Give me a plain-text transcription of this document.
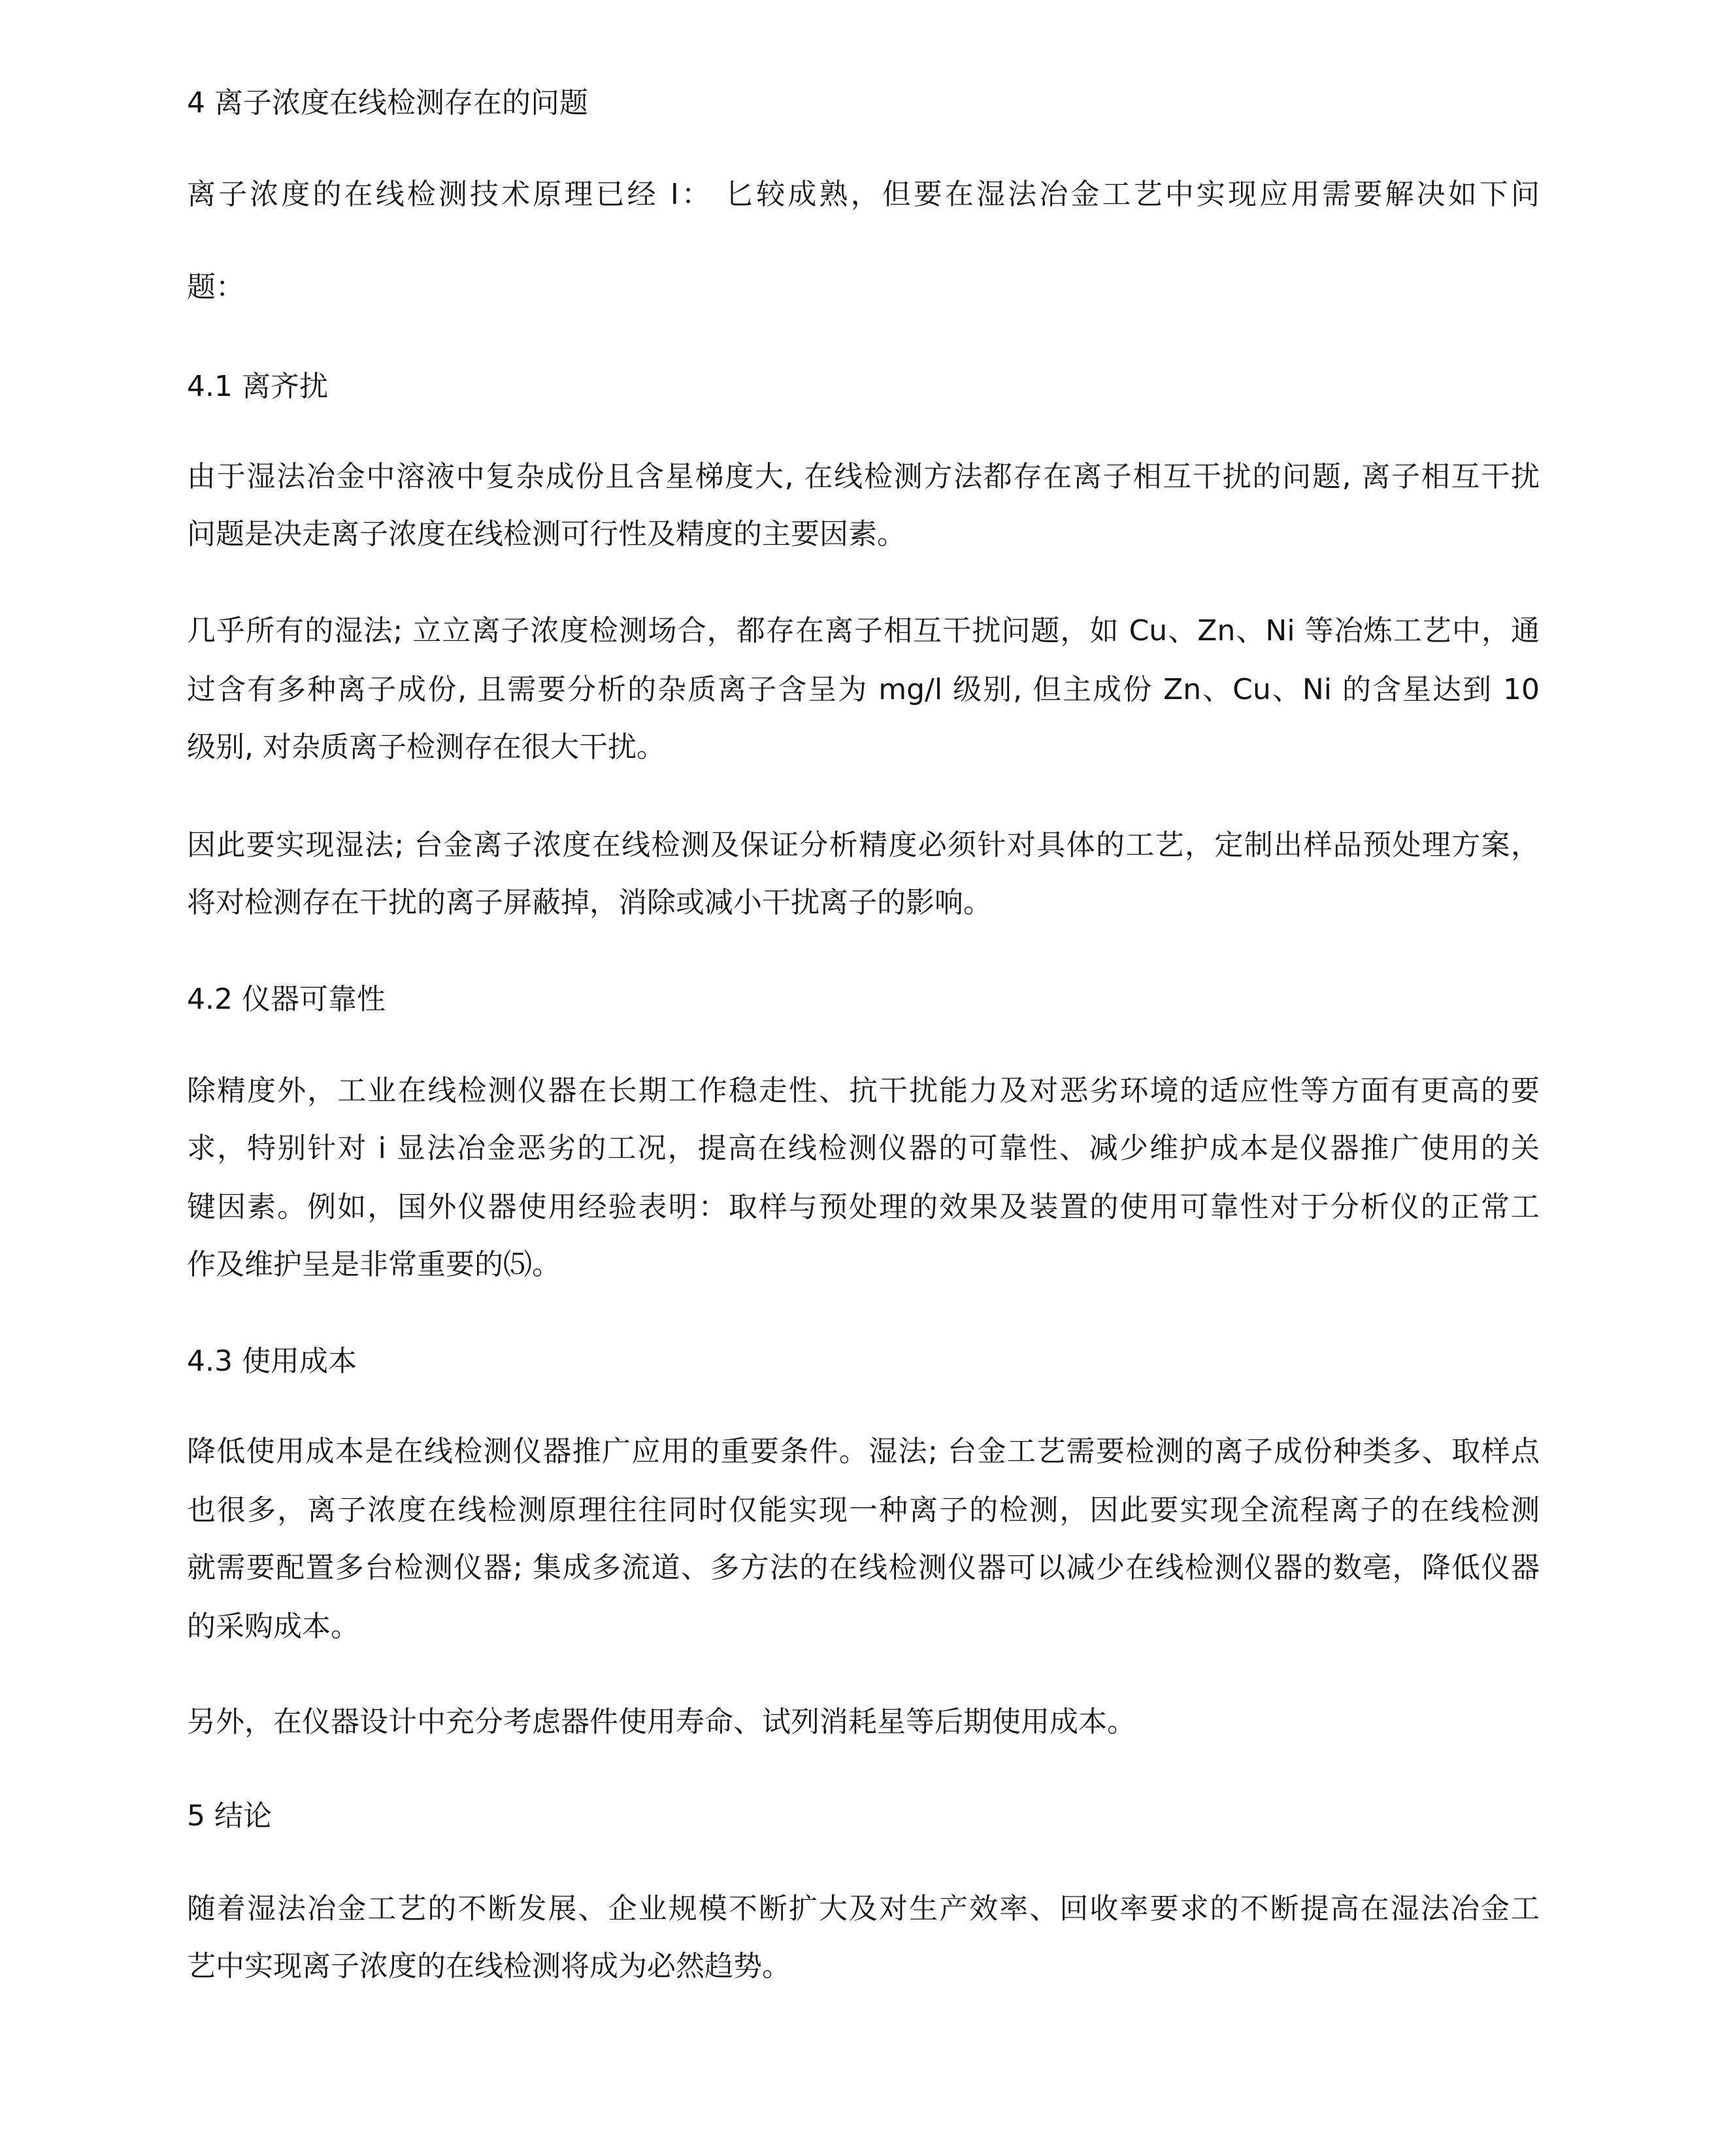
4 离子浓度在线检测存在的问题
离子浓度的在线检测技术原理已经 I： 匕较成熟，但要在湿法冶金工艺中实现应用需要解决如下问
题：
4.1 离齐扰
由于湿法冶金中溶液中复杂成份且含星梯度大, 在线检测方法都存在离子相互干扰的问题, 离子相互干扰
问题是决走离子浓度在线检测可行性及精度的主要因素。
几乎所有的湿法; 立立离子浓度检测场合，都存在离子相互干扰问题，如 Cu、Zn、Ni 等冶炼工艺中，通
过含有多种离子成份, 且需要分析的杂质离子含呈为 mg/l 级别, 但主成份 Zn、Cu、Ni 的含星达到 10
级别, 对杂质离子检测存在很大干扰。
因此要实现湿法; 台金离子浓度在线检测及保证分析精度必须针对具体的工艺，定制出样品预处理方案，
将对检测存在干扰的离子屏蔽掉，消除或减小干扰离子的影响。
4.2 仪器可靠性
除精度外，工业在线检测仪器在长期工作稳走性、抗干扰能力及对恶劣环境的适应性等方面有更高的要
求，特别针对 i 显法冶金恶劣的工况，提高在线检测仪器的可靠性、减少维护成本是仪器推广使用的关
键因素。例如，国外仪器使用经验表明：取样与预处理的效果及装置的使用可靠性对于分析仪的正常工
作及维护呈是非常重要的⑸。
4.3 使用成本
降低使用成本是在线检测仪器推广应用的重要条件。湿法; 台金工艺需要检测的离子成份种类多、取样点
也很多，离子浓度在线检测原理往往同时仅能实现一种离子的检测，因此要实现全流程离子的在线检测
就需要配置多台检测仪器; 集成多流道、多方法的在线检测仪器可以减少在线检测仪器的数亳，降低仪器
的采购成本。
另外，在仪器设计中充分考虑器件使用寿命、试列消耗星等后期使用成本。
5 结论
随着湿法冶金工艺的不断发展、企业规模不断扩大及对生产效率、回收率要求的不断提高在湿法冶金工
艺中实现离子浓度的在线检测将成为必然趋势。
